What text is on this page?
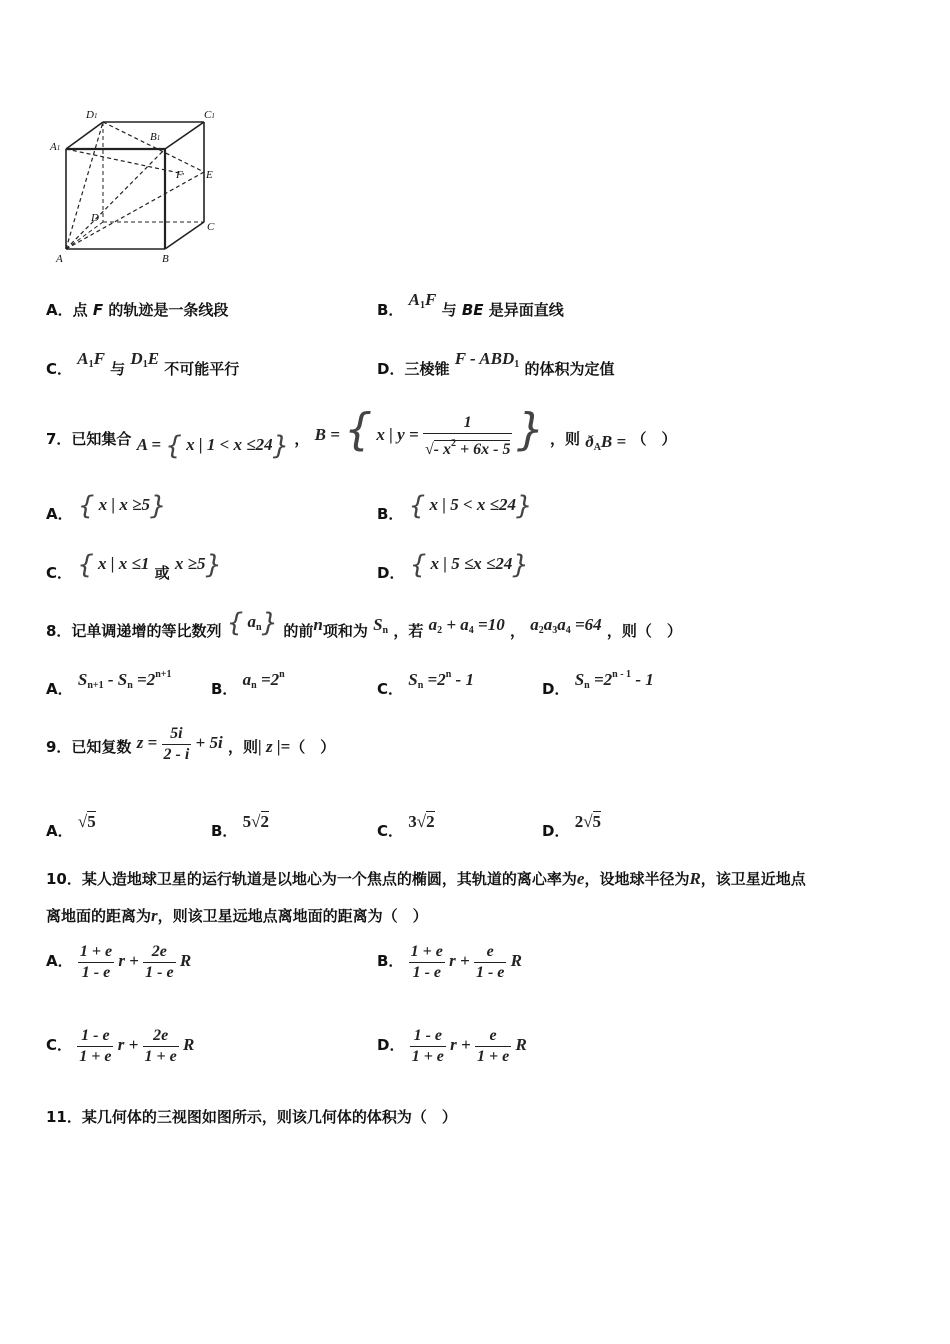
D1	C1
A1
B1
F E
D
C
A	B
A．点 F 的轨迹是一条线段	B． $A_1F$ 与 BE 是异面直线
C． $A_1F$ 与 $D_1E$ 不可能平行	D．三棱锥 F - $ABD_1$ 的体积为定值
7．已知集合 A = { x | 1 < x ≤24} ， B = { x | $y = \frac{1}{√- x^2 + 6x - 5}$ } ，则 $ð_AB$ = （　）
A． { x | x ≥5}	B． { x | 5 < x ≤24}
C． { x | x ≤1 或 x ≥5}	D． { x | 5 ≤x ≤24}
8．记单调递增的等比数列 { $a_n$} 的前n项和为 $S_n$ ，若 $a_2 + a_4 =10$ ， $a_2a_3a_4 =64$ ，则（　）
A． $S_{n+1} - S_n =2^{n+1}$
B． $a_n =2^n$
C． $S_n =2^n - 1$	D． $S_n =2^{n - 1} - 1$
9．已知复数 $z = \frac{5i}{2 - i} + 5i$ ，则| z |=（　）
A． √5	B． 5√2	C． 3√2	D． 2√5
10．某人造地球卫星的运行轨道是以地心为一个焦点的椭圆，其轨道的离心率为e，设地球半径为R，该卫星近地点
离地面的距离为r，则该卫星远地点离地面的距离为（　）
A． $\frac{1 + e}{1 - e}$ $r + \frac{2e}{1 - e}$ R	B． $\frac{1 + e}{1 - e}$ $r + \frac{e}{1 - e}$ R
C． $\frac{1 - e}{1 + e}$ $r + \frac{2e}{1 + e}$ R	D． $\frac{1 - e}{1 + e}$ $r + \frac{e}{1 + e}$ R
11．某几何体的三视图如图所示，则该几何体的体积为（　）
